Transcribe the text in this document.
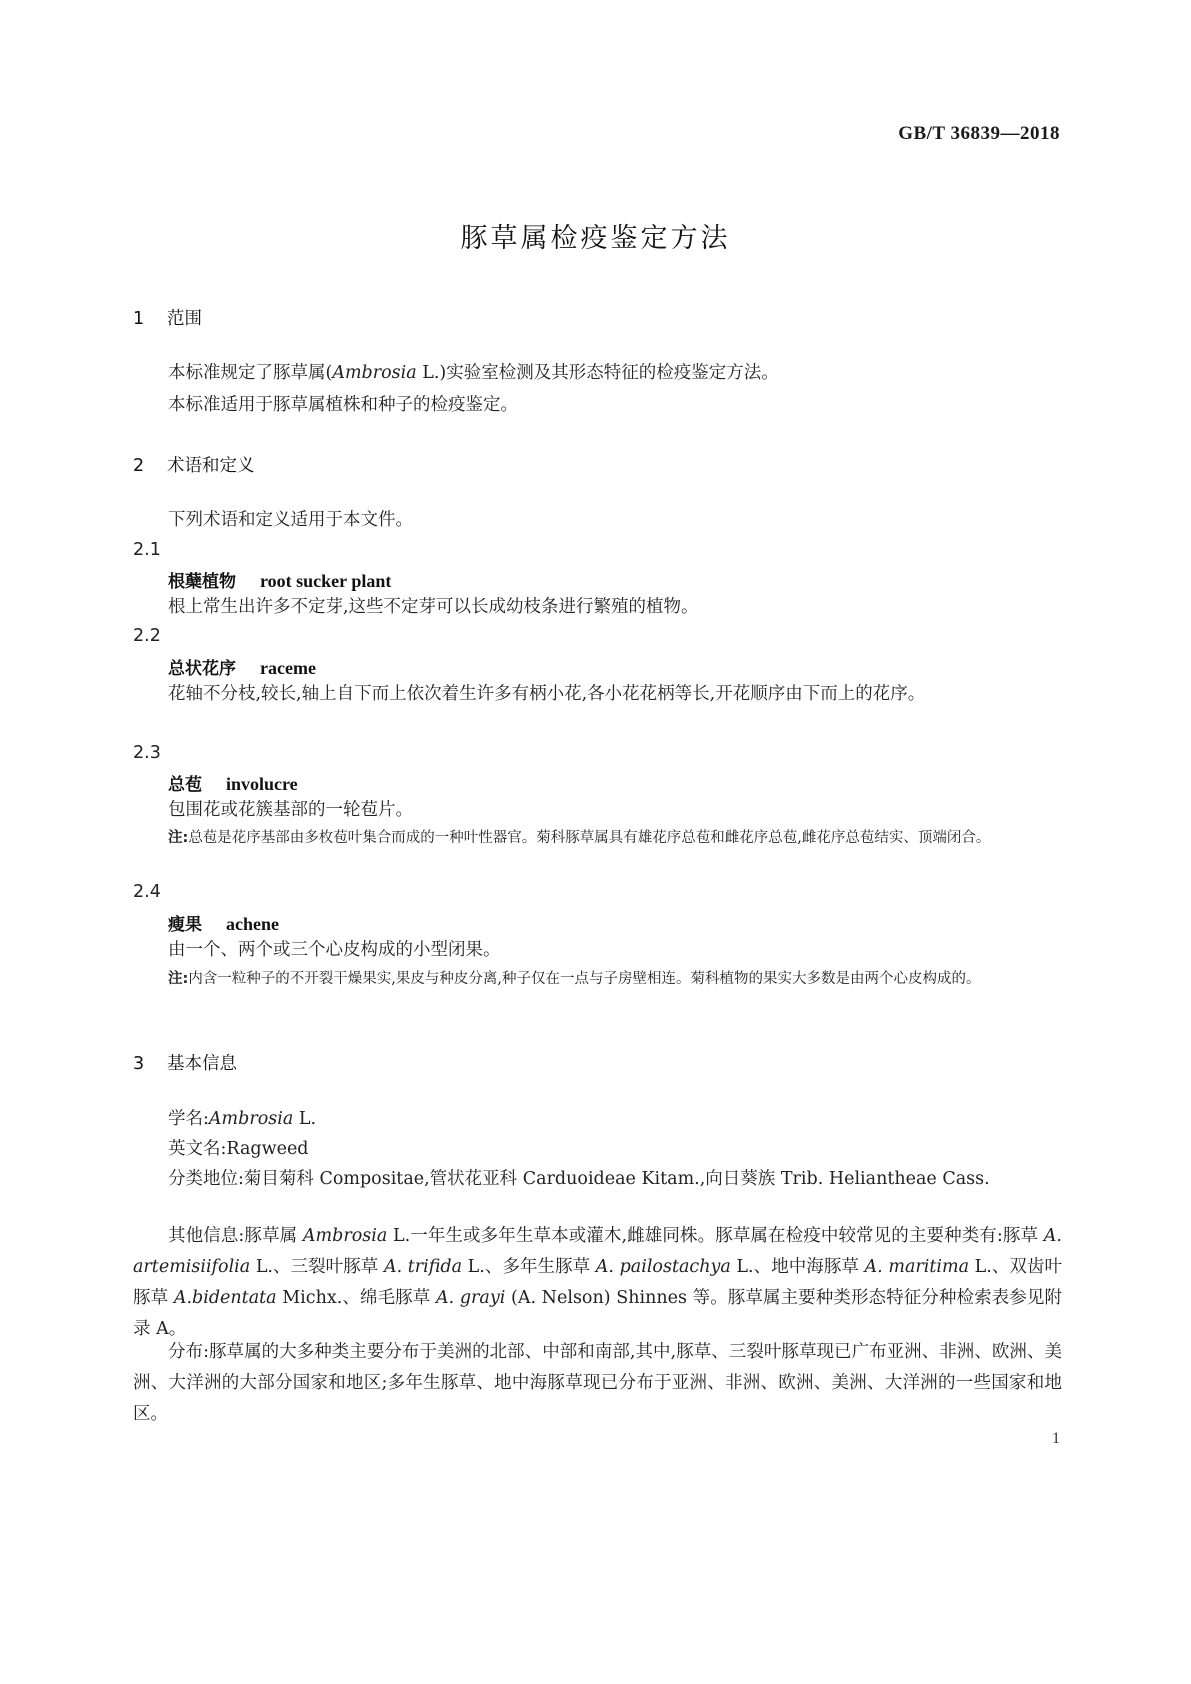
GB/T 36839—2018
豚草属检疫鉴定方法
1 范围
本标准规定了豚草属(Ambrosia L.)实验室检测及其形态特征的检疫鉴定方法。
本标准适用于豚草属植株和种子的检疫鉴定。
2 术语和定义
下列术语和定义适用于本文件。
2.1
根蘖植物 root sucker plant
根上常生出许多不定芽,这些不定芽可以长成幼枝条进行繁殖的植物。
2.2
总状花序 raceme
花轴不分枝,较长,轴上自下而上依次着生许多有柄小花,各小花花柄等长,开花顺序由下而上的花序。
2.3
总苞 involucre
包围花或花簇基部的一轮苞片。
注:总苞是花序基部由多枚苞叶集合而成的一种叶性器官。菊科豚草属具有雄花序总苞和雌花序总苞,雌花序总苞结实、顶端闭合。
2.4
瘦果 achene
由一个、两个或三个心皮构成的小型闭果。
注:内含一粒种子的不开裂干燥果实,果皮与种皮分离,种子仅在一点与子房壁相连。菊科植物的果实大多数是由两个心皮构成的。
3 基本信息
学名:Ambrosia L.
英文名:Ragweed
分类地位:菊目菊科 Compositae,管状花亚科 Carduoideae Kitam.,向日葵族 Trib. Heliantheae Cass.
其他信息:豚草属 Ambrosia L.一年生或多年生草本或灌木,雌雄同株。豚草属在检疫中较常见的主要种类有:豚草 A. artemisiifolia L.、三裂叶豚草 A. trifida L.、多年生豚草 A. pailostachya L.、地中海豚草 A. maritima L.、双齿叶豚草 A.bidentata Michx.、绵毛豚草 A. grayi (A. Nelson) Shinnes 等。豚草属主要种类形态特征分种检索表参见附录 A。
分布:豚草属的大多种类主要分布于美洲的北部、中部和南部,其中,豚草、三裂叶豚草现已广布亚洲、非洲、欧洲、美洲、大洋洲的大部分国家和地区;多年生豚草、地中海豚草现已分布于亚洲、非洲、欧洲、美洲、大洋洲的一些国家和地区。
1
